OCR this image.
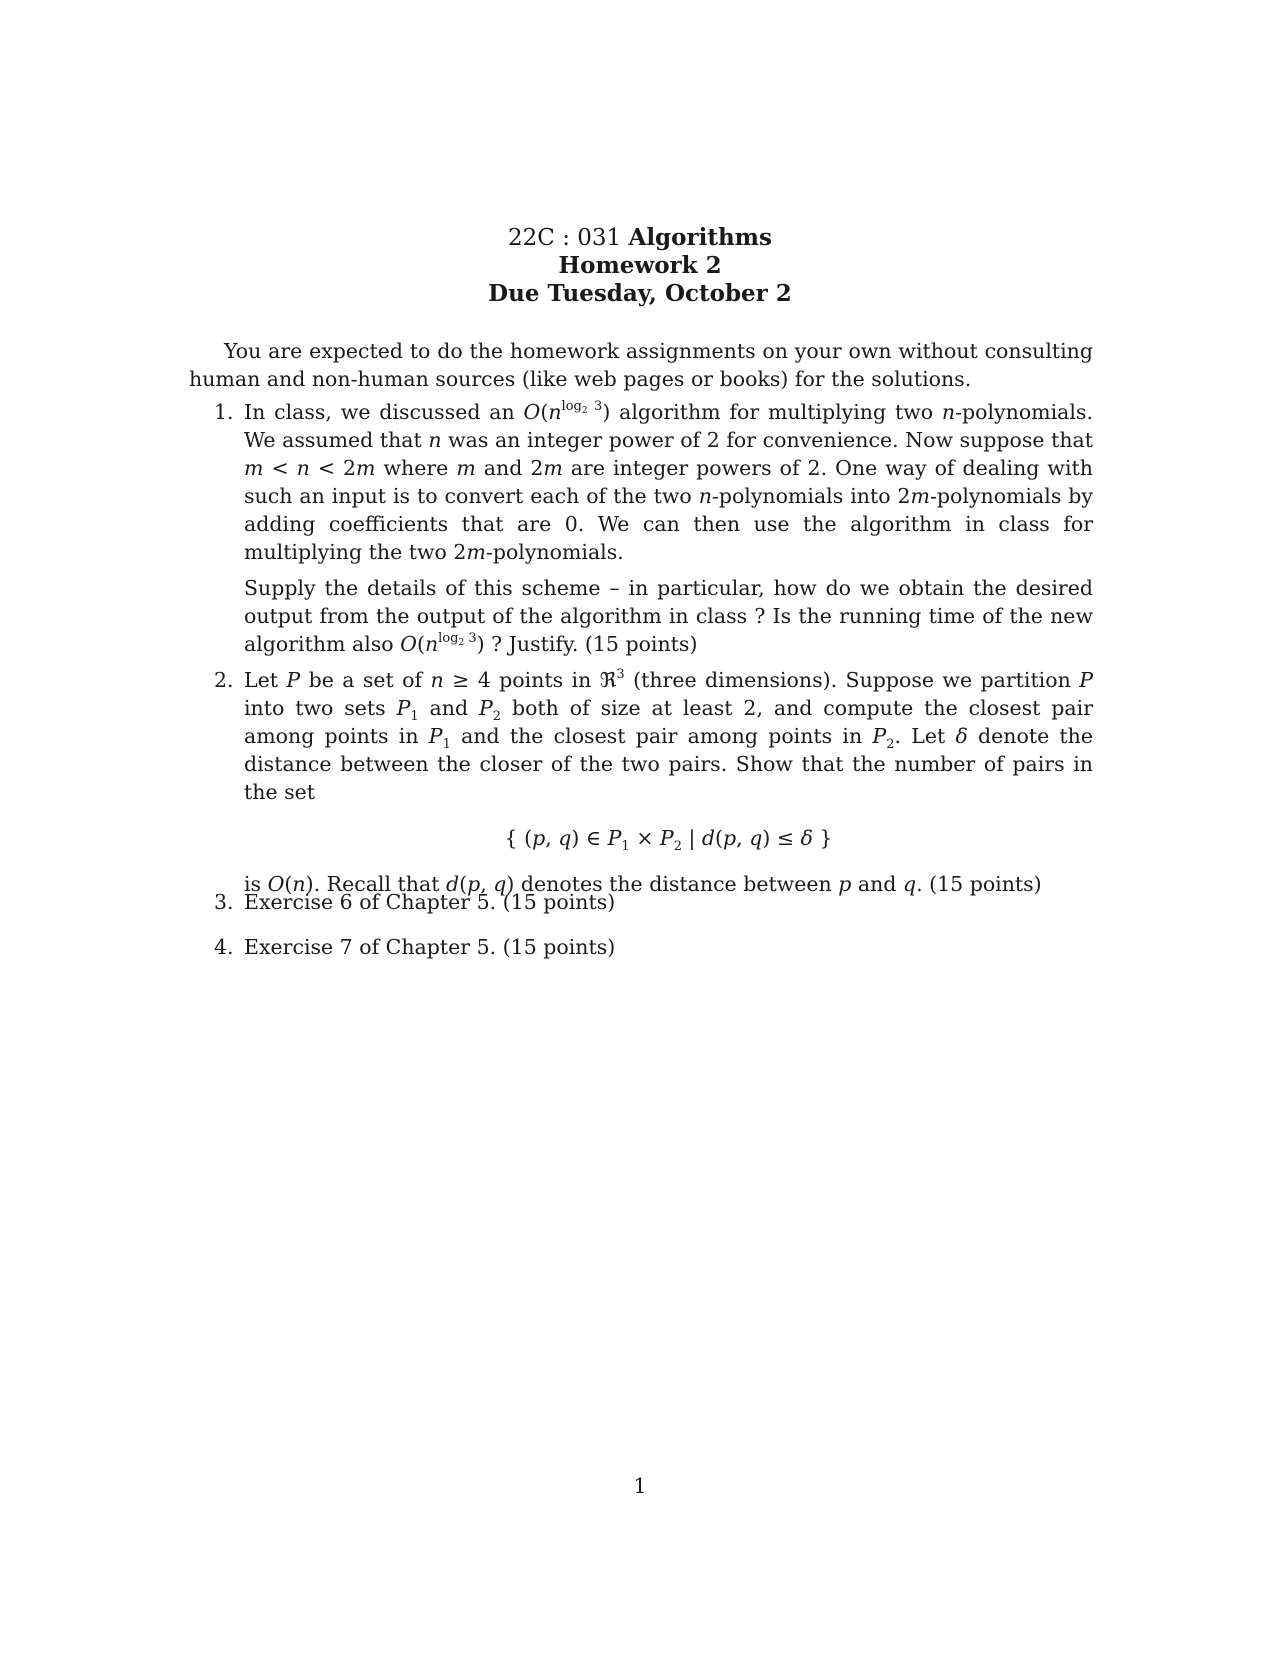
22C : 031 Algorithms
Homework 2
Due Tuesday, October 2
You are expected to do the homework assignments on your own without consulting human and non-human sources (like web pages or books) for the solutions.
1. In class, we discussed an $O(n^{log_2 3})$ algorithm for multiplying two n-polynomials. We assumed that n was an integer power of 2 for convenience. Now suppose that m < n < 2m where m and 2m are integer powers of 2. One way of dealing with such an input is to convert each of the two n-polynomials into 2m-polynomials by adding coefficients that are 0. We can then use the algorithm in class for multiplying the two 2m-polynomials.

Supply the details of this scheme – in particular, how do we obtain the desired output from the output of the algorithm in class ? Is the running time of the new algorithm also $O(n^{log_2 3})$ ? Justify. (15 points)

2. Let P be a set of n ≥ 4 points in ℜ$^3$ (three dimensions). Suppose we partition P into two sets $P_1$ and $P_2$ both of size at least 2, and compute the closest pair among points in $P_1$ and the closest pair among points in $P_2$. Let δ denote the distance between the closer of the two pairs. Show that the number of pairs in the set

{ (p, q) ∈ $P_1 \times P_2$ | d(p, q) ≤ δ }

is O(n). Recall that d(p, q) denotes the distance between p and q. (15 points)

3. Exercise 6 of Chapter 5. (15 points)
4. Exercise 7 of Chapter 5. (15 points)
1
